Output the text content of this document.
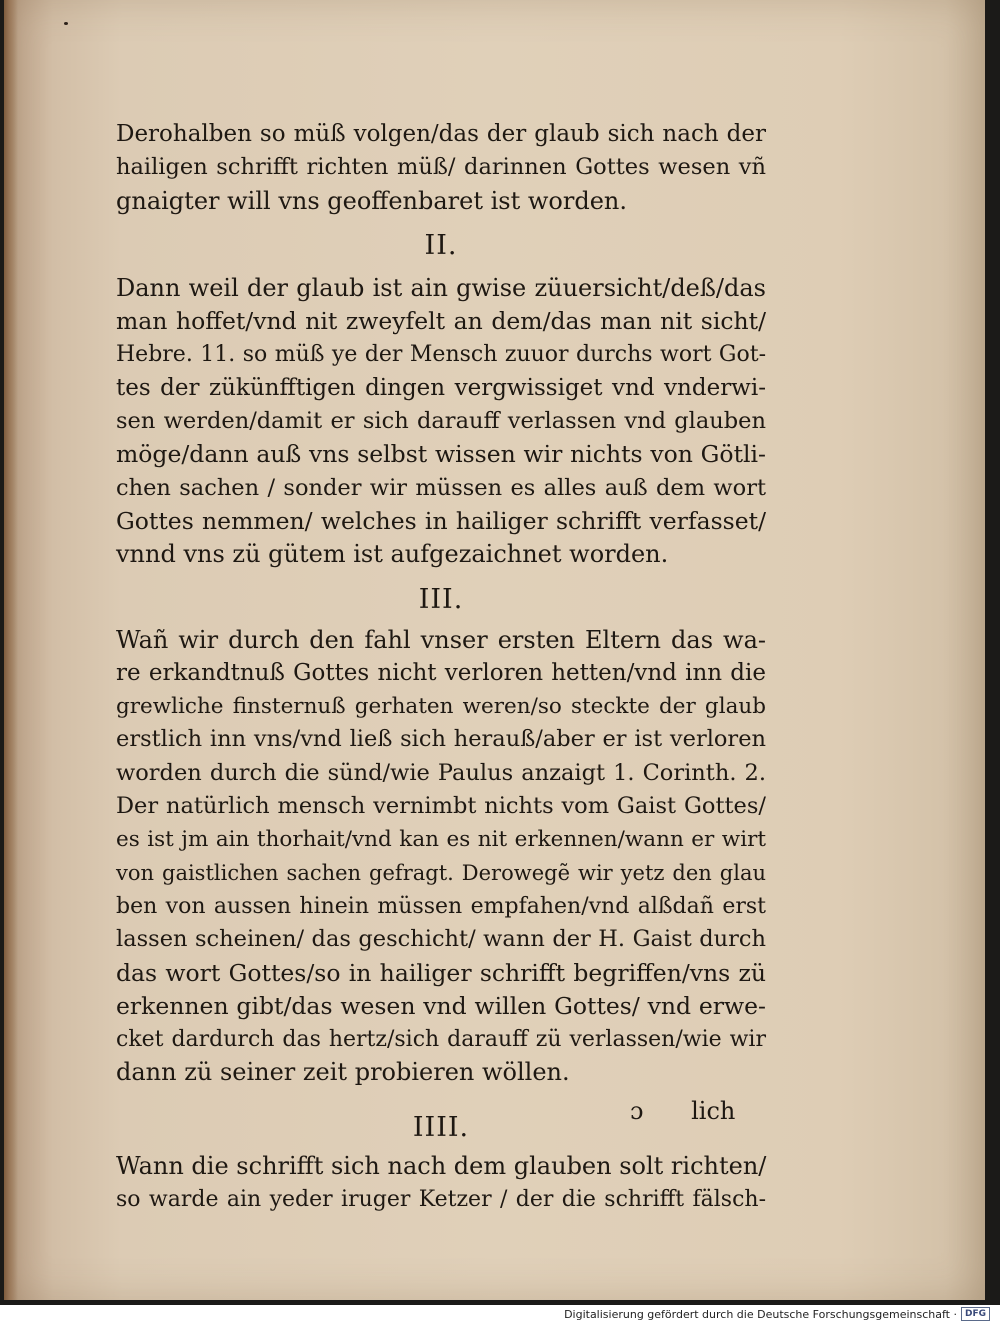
Derohalben so müß volgen/das der glaub sich nach der
hailigen schrifft richten müß/ darinnen Gottes wesen vñ
gnaigter will vns geoffenbaret ist worden.
II.
Dann weil der glaub ist ain gwise züuersicht/deß/das
man hoffet/vnd nit zweyfelt an dem/das man nit sicht/
Hebre. 11. so müß ye der Mensch zuuor durchs wort Got-
tes der zükünfftigen dingen vergwissiget vnd vnderwi-
sen werden/damit er sich darauff verlassen vnd glauben
möge/dann auß vns selbst wissen wir nichts von Götli-
chen sachen / sonder wir müssen es alles auß dem wort
Gottes nemmen/ welches in hailiger schrifft verfasset/
vnnd vns zü gütem ist aufgezaichnet worden.
III.
Wañ wir durch den fahl vnser ersten Eltern das wa-
re erkandtnuß Gottes nicht verloren hetten/vnd inn die
grewliche finsternuß gerhaten weren/so steckte der glaub
erstlich inn vns/vnd ließ sich herauß/aber er ist verloren
worden durch die sünd/wie Paulus anzaigt 1. Corinth. 2.
Der natürlich mensch vernimbt nichts vom Gaist Gottes/
es ist jm ain thorhait/vnd kan es nit erkennen/wann er wirt
von gaistlichen sachen gefragt. Derowegẽ wir yetz den glau
ben von aussen hinein müssen empfahen/vnd alßdañ erst
lassen scheinen/ das geschicht/ wann der H. Gaist durch
das wort Gottes/so in hailiger schrifft begriffen/vns zü
erkennen gibt/das wesen vnd willen Gottes/ vnd erwe-
cket dardurch das hertz/sich darauff zü verlassen/wie wir
dann zü seiner zeit probieren wöllen.
IIII.
Wann die schrifft sich nach dem glauben solt richten/
so warde ain yeder iruger Ketzer / der die schrifft fälsch-
ɔ lich
Digitalisierung gefördert durch die Deutsche Forschungsgemeinschaft · DFG
